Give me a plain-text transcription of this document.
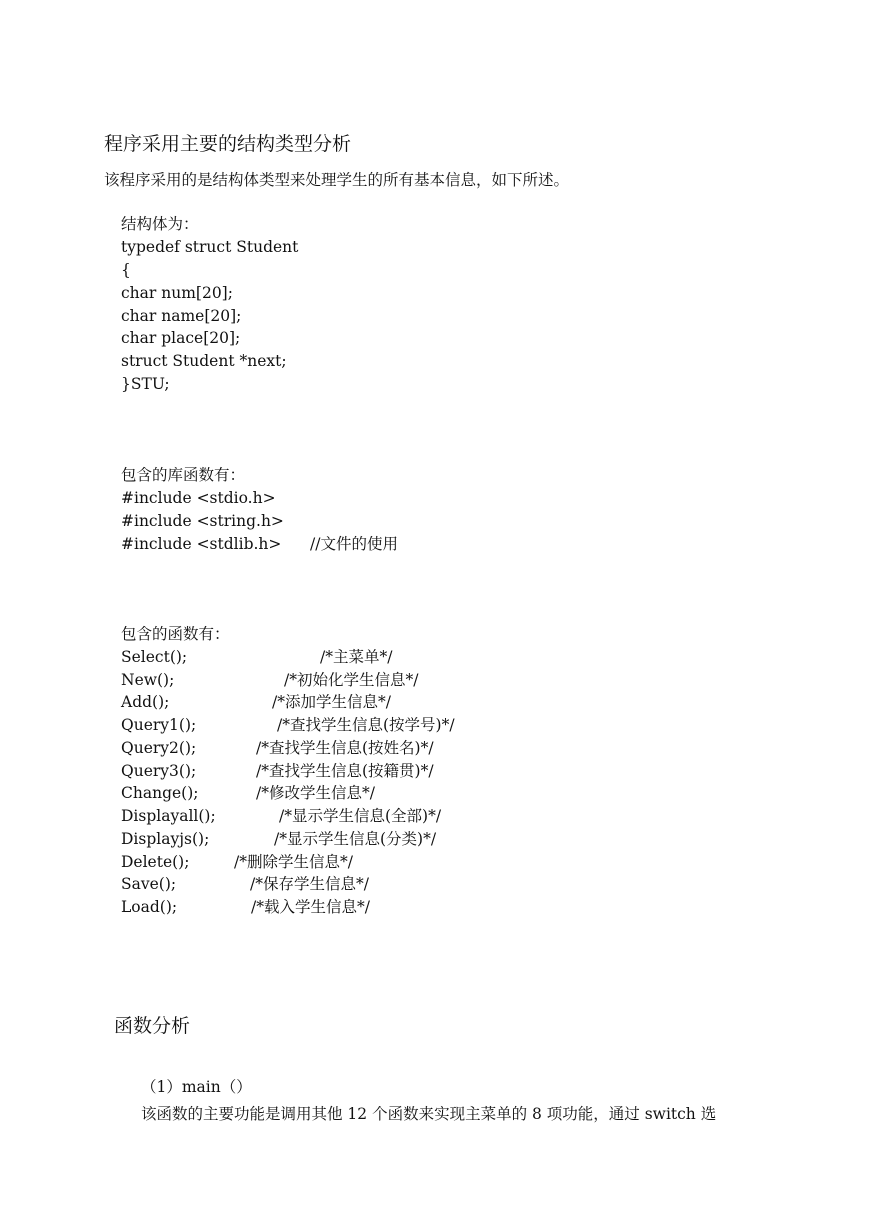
程序采用主要的结构类型分析
该程序采用的是结构体类型来处理学生的所有基本信息，如下所述。
结构体为：
typedef struct Student
{
char num[20];
char name[20];
char place[20];
struct Student *next;
}STU;
包含的库函数有：
#include <stdio.h>
#include <string.h>
#include <stdlib.h> //文件的使用
包含的函数有：
Select();	/*主菜单*/
New();	/*初始化学生信息*/
Add();	/*添加学生信息*/
Query1();	/*查找学生信息(按学号)*/
Query2();	/*查找学生信息(按姓名)*/
Query3();	/*查找学生信息(按籍贯)*/
Change();	/*修改学生信息*/
Displayall();	/*显示学生信息(全部)*/
Displayjs();	/*显示学生信息(分类)*/
Delete();	/*删除学生信息*/
Save();	/*保存学生信息*/
Load();	/*载入学生信息*/
函数分析
（1）main（）
该函数的主要功能是调用其他 12 个函数来实现主菜单的 8 项功能，通过 switch 选
